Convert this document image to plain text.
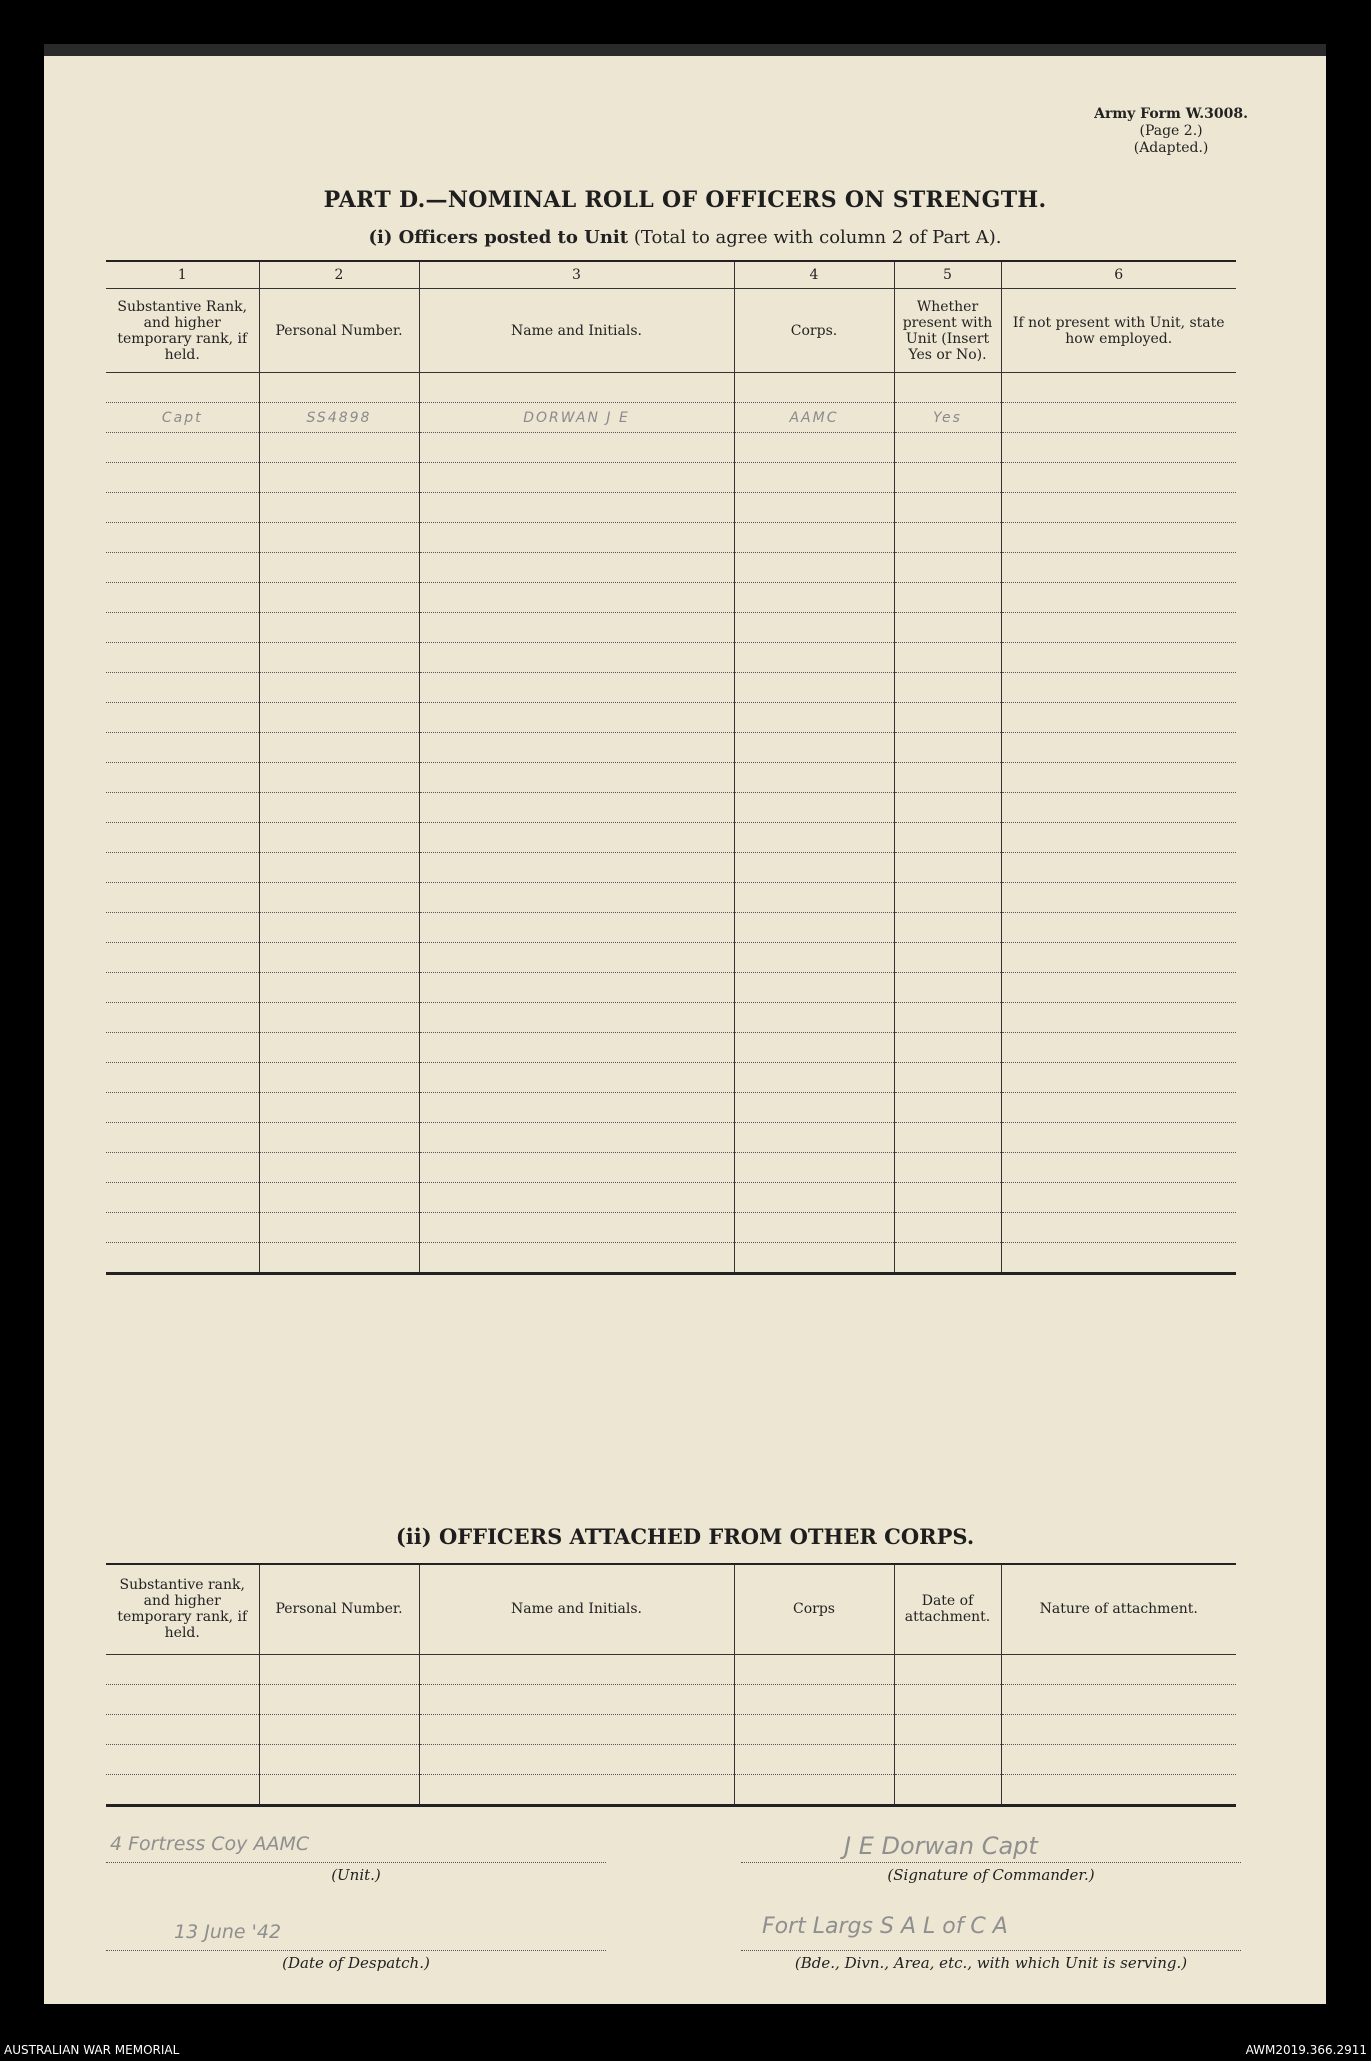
Army Form W.3008.
(Page 2.)
(Adapted.)
PART D.—NOMINAL ROLL OF OFFICERS ON STRENGTH.
(i) Officers posted to Unit (Total to agree with column 2 of Part A).
1	2	3	4	5	6
Substantive Rank, and higher temporary rank, if held.	Personal Number.	Name and Initials.	Corps.	Whether present with Unit (Insert Yes or No).	If not present with Unit, state how employed.

Capt	SS4898	DORWAN J E	AAMC	Yes	

(ii) OFFICERS ATTACHED FROM OTHER CORPS.
Substantive rank, and higher temporary rank, if held.	Personal Number.	Name and Initials.	Corps	Date of attachment.	Nature of attachment.

4 Fortress Coy AAMC
(Unit.)
13 June '42
(Date of Despatch.)
J E Dorwan Capt
(Signature of Commander.)
Fort Largs S A L of C A
(Bde., Divn., Area, etc., with which Unit is serving.)
AUSTRALIAN WAR MEMORIAL	AWM2019.366.2911
